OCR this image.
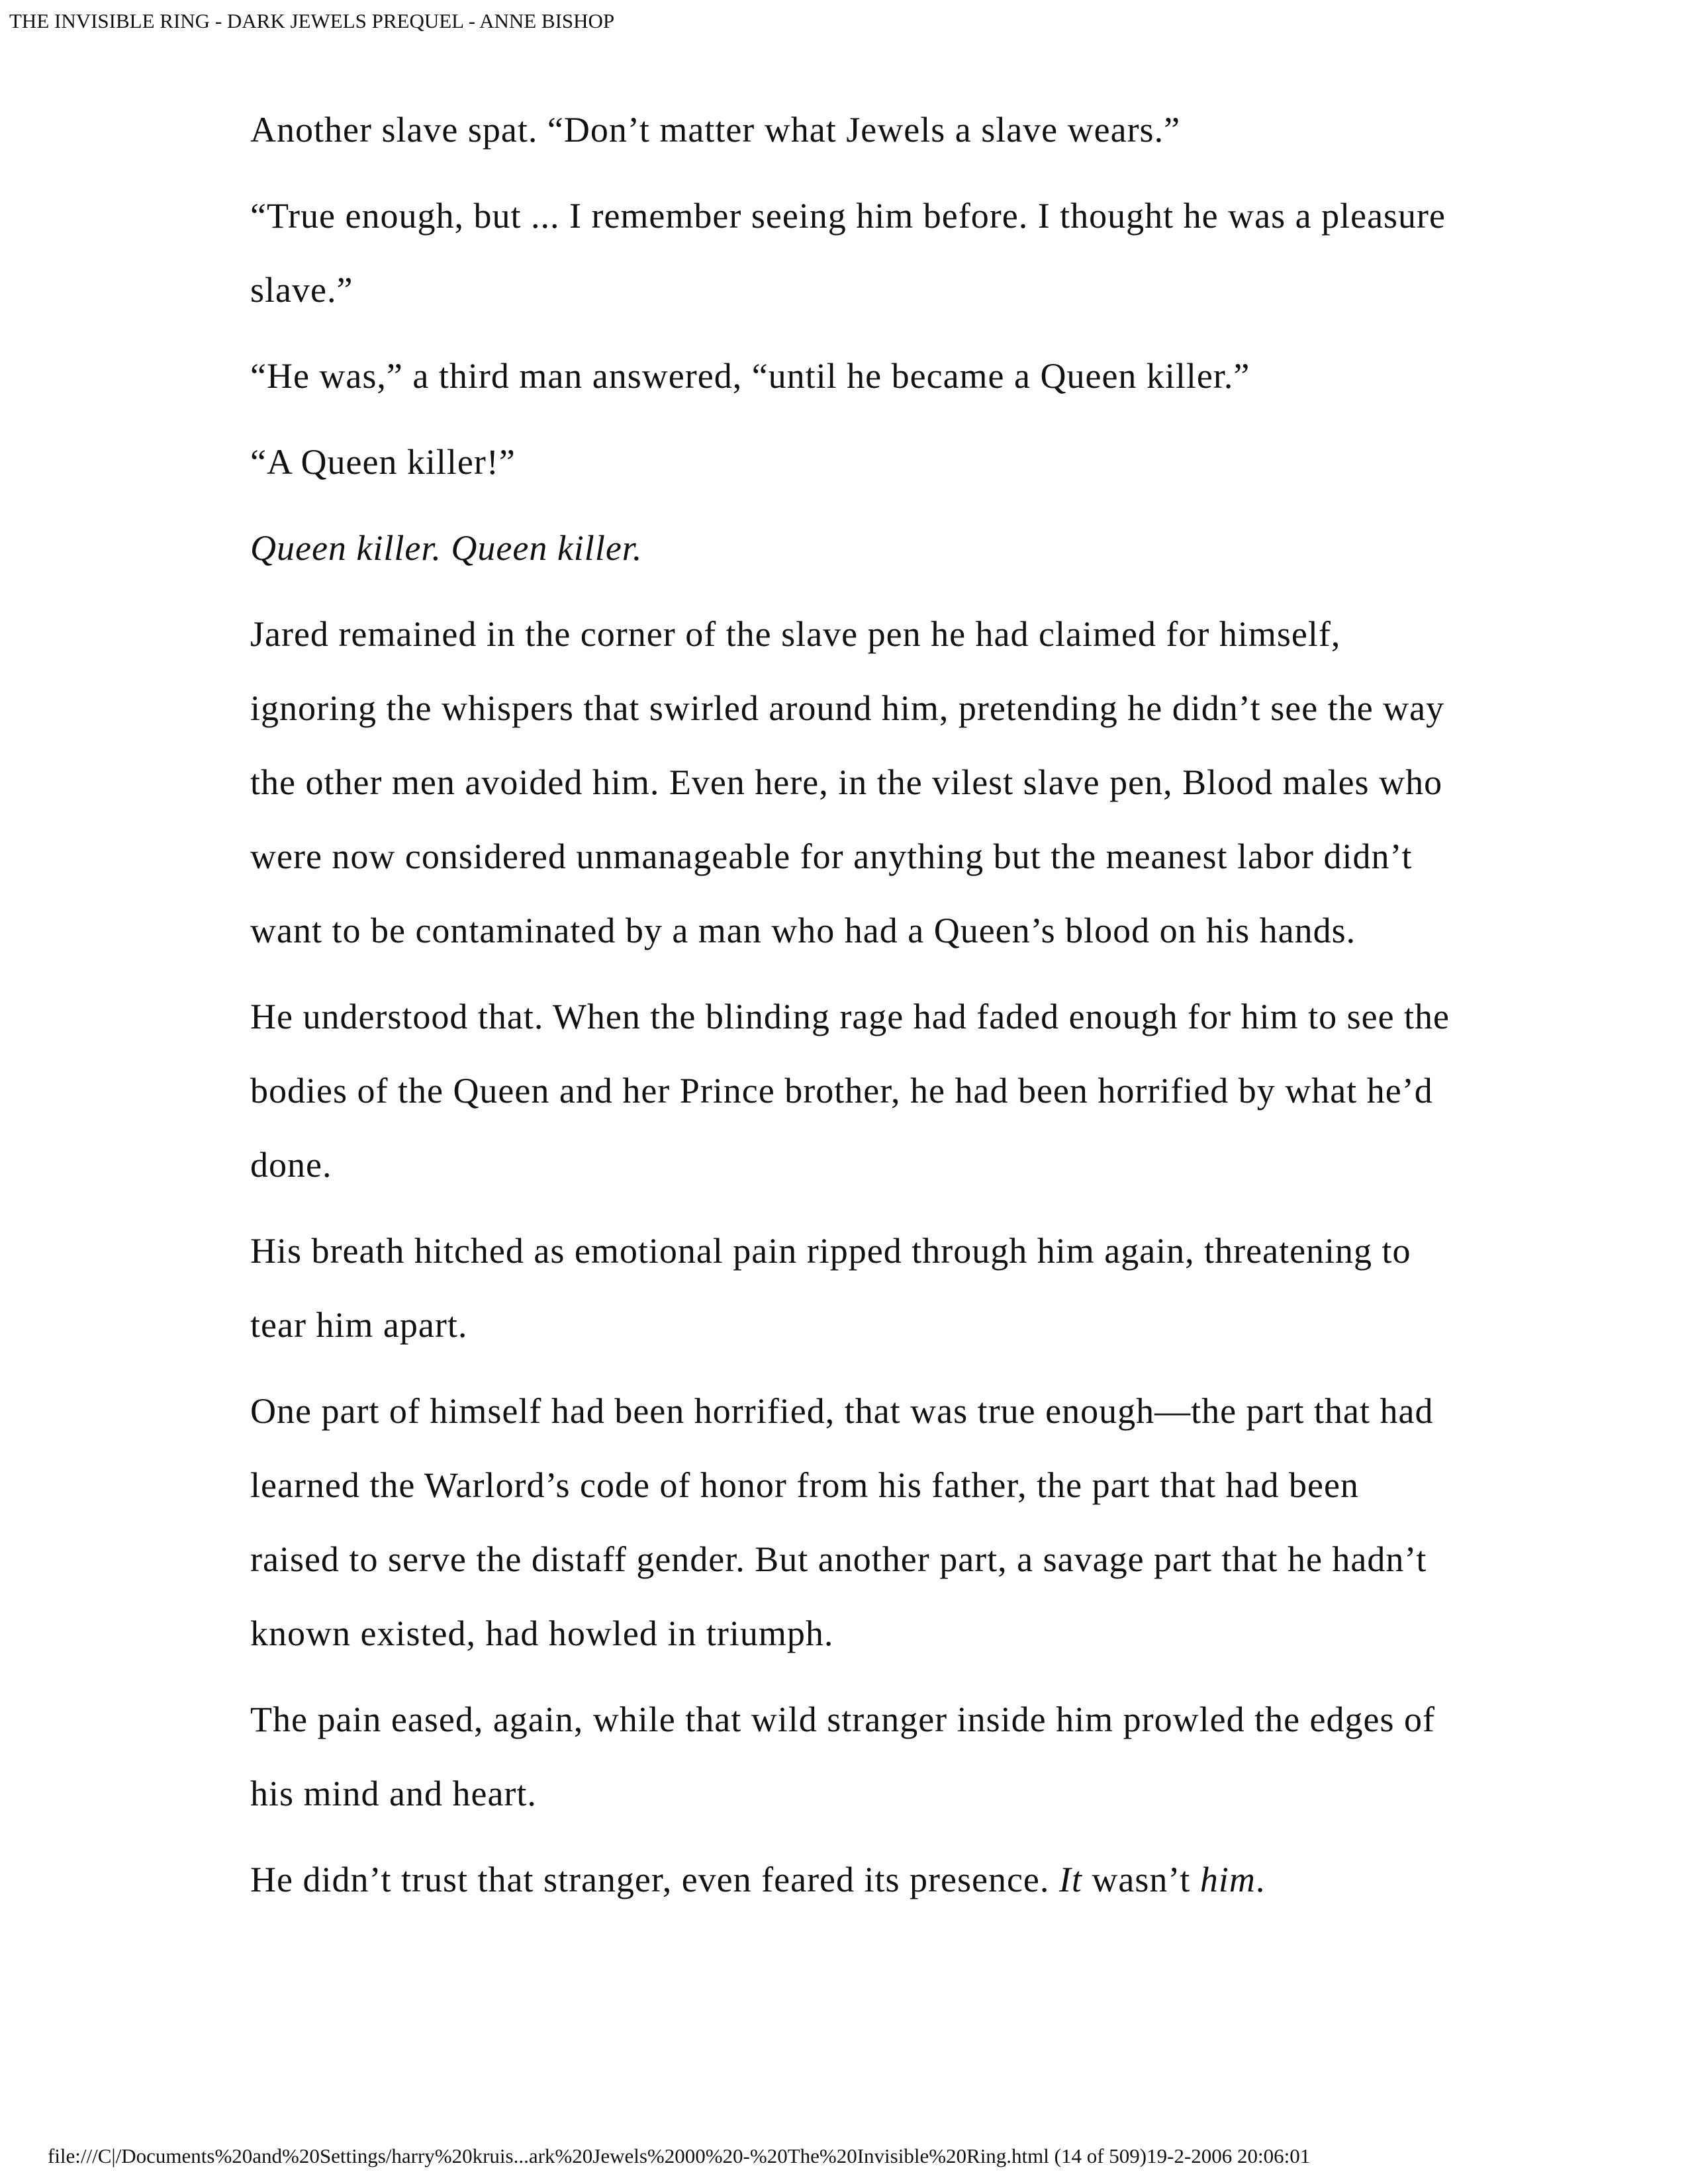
THE INVISIBLE RING - DARK JEWELS PREQUEL - ANNE BISHOP

Another slave spat. “Don’t matter what Jewels a slave wears.”

“True enough, but ... I remember seeing him before. I thought he was a pleasure slave.”

“He was,” a third man answered, “until he became a Queen killer.”

“A Queen killer!”

Queen killer. Queen killer.

Jared remained in the corner of the slave pen he had claimed for himself, ignoring the whispers that swirled around him, pretending he didn’t see the way the other men avoided him. Even here, in the vilest slave pen, Blood males who were now considered unmanageable for anything but the meanest labor didn’t want to be contaminated by a man who had a Queen’s blood on his hands.

He understood that. When the blinding rage had faded enough for him to see the bodies of the Queen and her Prince brother, he had been horrified by what he’d done.

His breath hitched as emotional pain ripped through him again, threatening to tear him apart.

One part of himself had been horrified, that was true enough—the part that had learned the Warlord’s code of honor from his father, the part that had been raised to serve the distaff gender. But another part, a savage part that he hadn’t known existed, had howled in triumph.

The pain eased, again, while that wild stranger inside him prowled the edges of his mind and heart.

He didn’t trust that stranger, even feared its presence. It wasn’t him.

file:///C|/Documents%20and%20Settings/harry%20kruis...ark%20Jewels%2000%20-%20The%20Invisible%20Ring.html (14 of 509)19-2-2006 20:06:01
